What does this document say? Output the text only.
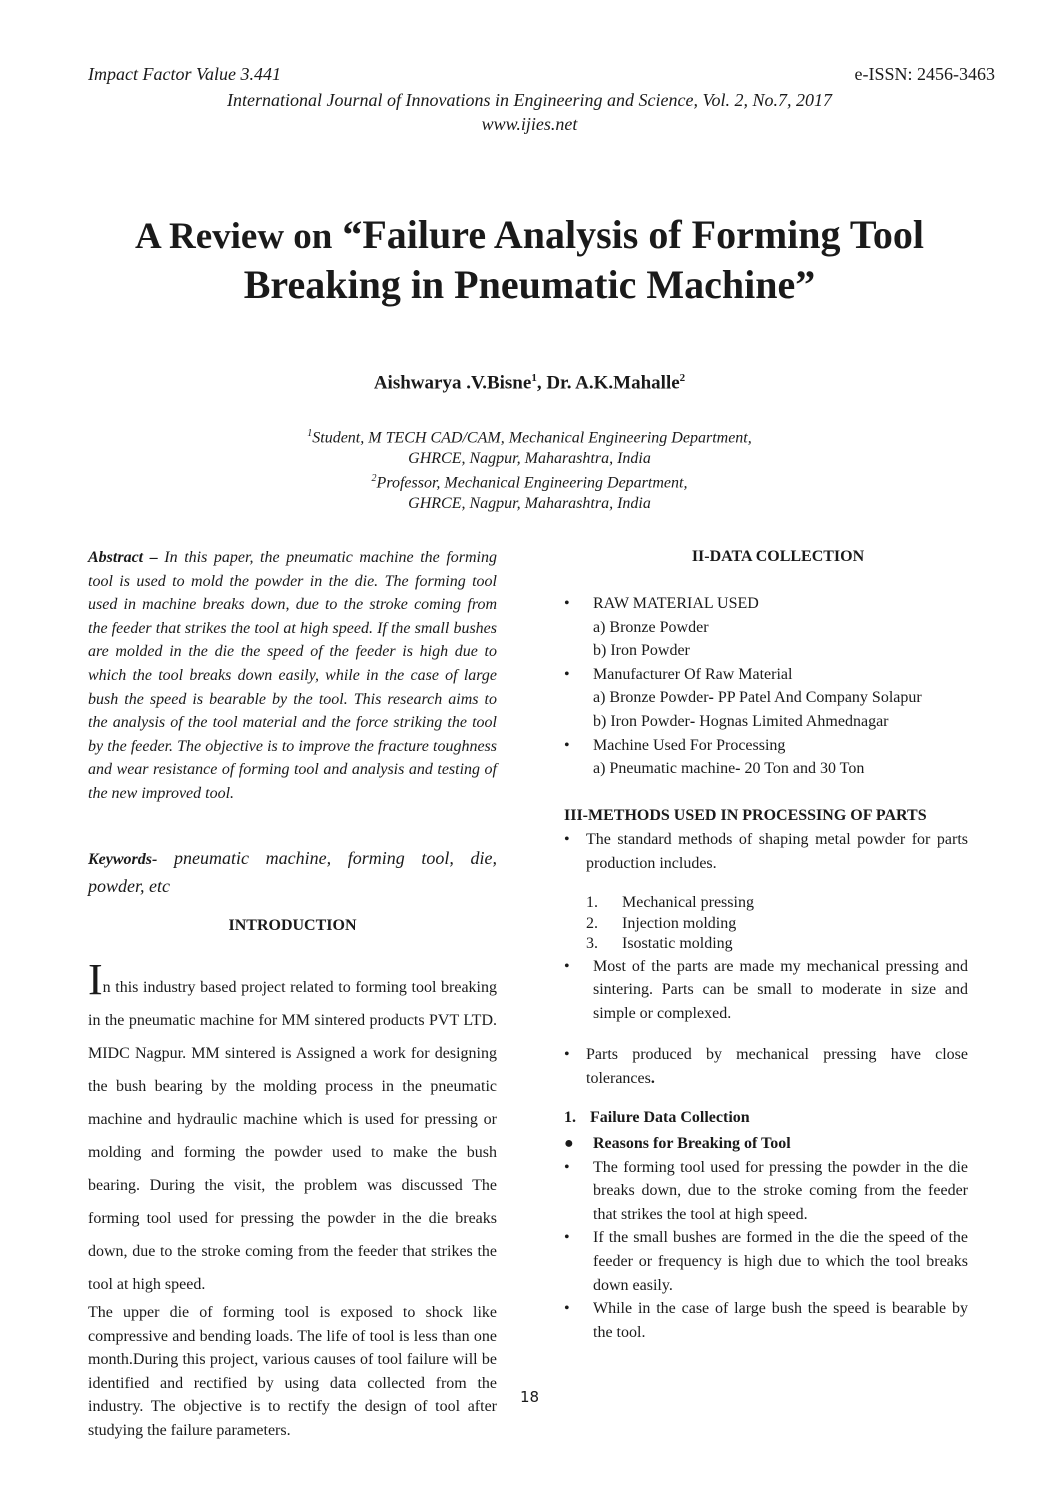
Impact Factor Value 3.441	e-ISSN: 2456-3463
International Journal of Innovations in Engineering and Science, Vol. 2, No.7, 2017
www.ijies.net
A Review on “Failure Analysis of Forming Tool
Breaking in Pneumatic Machine”
Aishwarya .V.Bisne$^1$, Dr. A.K.Mahalle$^2$
$^1$Student, M TECH CAD/CAM, Mechanical Engineering Department,
GHRCE, Nagpur, Maharashtra, India
$^2$Professor, Mechanical Engineering Department,
GHRCE, Nagpur, Maharashtra, India
Abstract – In this paper, the pneumatic machine the forming tool is used to mold the powder in the die. The forming tool used in machine breaks down, due to the stroke coming from the feeder that strikes the tool at high speed. If the small bushes are molded in the die the speed of the feeder is high due to which the tool breaks down easily, while in the case of large bush the speed is bearable by the tool. This research aims to the analysis of the tool material and the force striking the tool by the feeder. The objective is to improve the fracture toughness and wear resistance of forming tool and analysis and testing of the new improved tool.
Keywords- pneumatic machine, forming tool, die, powder, etc
INTRODUCTION

In this industry based project related to forming tool breaking in the pneumatic machine for MM sintered products PVT LTD. MIDC Nagpur. MM sintered is Assigned a work for designing the bush bearing by the molding process in the pneumatic machine and hydraulic machine which is used for pressing or molding and forming the powder used to make the bush bearing. During the visit, the problem was discussed The forming tool used for pressing the powder in the die breaks down, due to the stroke coming from the feeder that strikes the tool at high speed.

The upper die of forming tool is exposed to shock like compressive and bending loads. The life of tool is less than one month.During this project, various causes of tool failure will be identified and rectified by using data collected from the industry. The objective is to rectify the design of tool after studying the failure parameters.

II-DATA COLLECTION
• RAW MATERIAL USED
a) Bronze Powder
b) Iron Powder
• Manufacturer Of Raw Material
a) Bronze Powder- PP Patel And Company Solapur
b) Iron Powder- Hognas Limited Ahmednagar
• Machine Used For Processing
a) Pneumatic machine- 20 Ton and 30 Ton
III-METHODS USED IN PROCESSING OF PARTS
• The standard methods of shaping metal powder for parts production includes.
1. Mechanical pressing
2. Injection molding
3. Isostatic molding
• Most of the parts are made my mechanical pressing and sintering. Parts can be small to moderate in size and simple or complexed.
• Parts produced by mechanical pressing have close tolerances.
1. Failure Data Collection
● Reasons for Breaking of Tool
• The forming tool used for pressing the powder in the die breaks down, due to the stroke coming from the feeder that strikes the tool at high speed.
• If the small bushes are formed in the die the speed of the feeder or frequency is high due to which the tool breaks down easily.
• While in the case of large bush the speed is bearable by the tool.
18
